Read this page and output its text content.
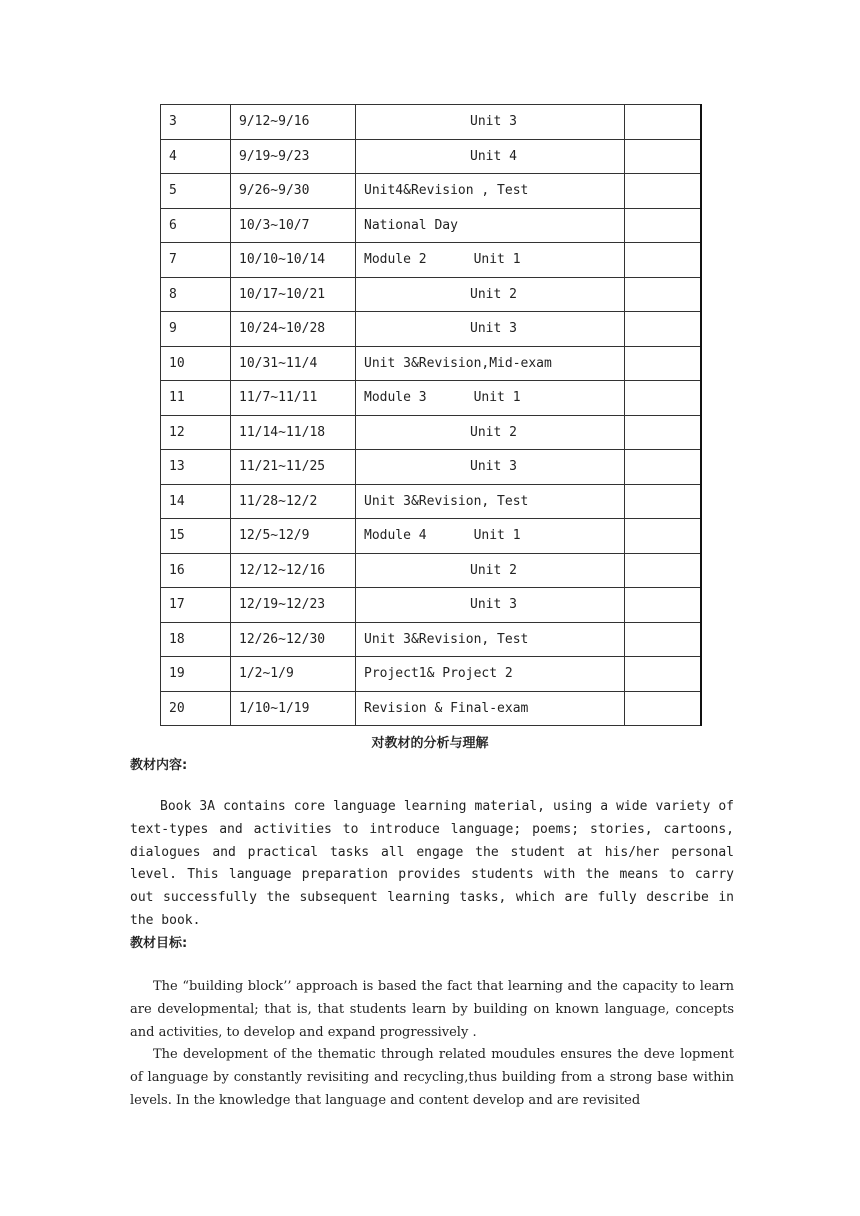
3	9/12~9/16	Unit 3	
4	9/19~9/23	Unit 4	
5	9/26~9/30	Unit4&Revision , Test	
6	10/3~10/7	National Day	
7	10/10~10/14	Module 2      Unit 1	
8	10/17~10/21	Unit 2	
9	10/24~10/28	Unit 3	
10	10/31~11/4	Unit 3&Revision,Mid-exam	
11	11/7~11/11	Module 3      Unit 1	
12	11/14~11/18	Unit 2	
13	11/21~11/25	Unit 3	
14	11/28~12/2	Unit 3&Revision, Test	
15	12/5~12/9	Module 4      Unit 1	
16	12/12~12/16	Unit 2	
17	12/19~12/23	Unit 3	
18	12/26~12/30	Unit 3&Revision, Test	
19	1/2~1/9	Project1& Project 2	
20	1/10~1/19	Revision & Final-exam	
对教材的分析与理解
教材内容:

Book 3A contains core language learning material, using a wide variety of text-types and activities to introduce language; poems; stories, cartoons, dialogues and practical tasks all engage the student at his/her personal level. This language preparation provides students with the means to carry out successfully the subsequent learning tasks, which are fully describe in the book.

教材目标:

The “building block’’ approach is based the fact that learning and the capacity to learn are developmental; that is, that students learn by building on known language, concepts and activities, to develop and expand progressively .

The development of the thematic through related moudules ensures the deve lopment of language by constantly revisiting and recycling,thus building from a strong base within levels. In the knowledge that language and content develop and are revisited
